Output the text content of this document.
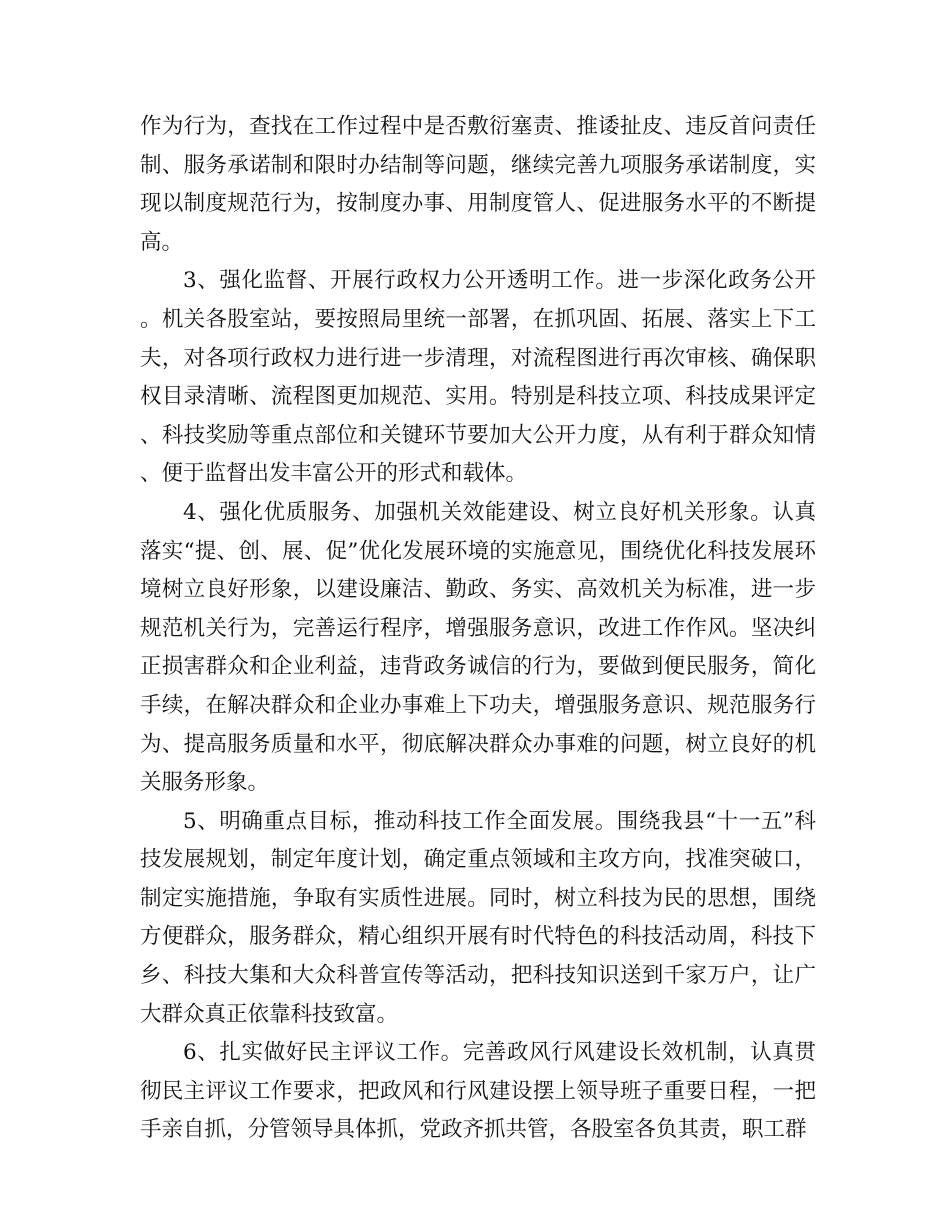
作为行为，查找在工作过程中是否敷衍塞责、推诿扯皮、违反首问责任制、服务承诺制和限时办结制等问题，继续完善九项服务承诺制度，实现以制度规范行为，按制度办事、用制度管人、促进服务水平的不断提高。

3、强化监督、开展行政权力公开透明工作。进一步深化政务公开。机关各股室站，要按照局里统一部署，在抓巩固、拓展、落实上下工夫，对各项行政权力进行进一步清理，对流程图进行再次审核、确保职权目录清晰、流程图更加规范、实用。特别是科技立项、科技成果评定、科技奖励等重点部位和关键环节要加大公开力度，从有利于群众知情、便于监督出发丰富公开的形式和载体。

4、强化优质服务、加强机关效能建设、树立良好机关形象。认真落实“提、创、展、促”优化发展环境的实施意见，围绕优化科技发展环境树立良好形象，以建设廉洁、勤政、务实、高效机关为标准，进一步规范机关行为，完善运行程序，增强服务意识，改进工作作风。坚决纠正损害群众和企业利益，违背政务诚信的行为，要做到便民服务，简化手续，在解决群众和企业办事难上下功夫，增强服务意识、规范服务行为、提高服务质量和水平，彻底解决群众办事难的问题，树立良好的机关服务形象。

5、明确重点目标，推动科技工作全面发展。围绕我县“十一五”科技发展规划，制定年度计划，确定重点领域和主攻方向，找准突破口，制定实施措施，争取有实质性进展。同时，树立科技为民的思想，围绕方便群众，服务群众，精心组织开展有时代特色的科技活动周，科技下乡、科技大集和大众科普宣传等活动，把科技知识送到千家万户，让广大群众真正依靠科技致富。

6、扎实做好民主评议工作。完善政风行风建设长效机制，认真贯彻民主评议工作要求，把政风和行风建设摆上领导班子重要日程，一把手亲自抓，分管领导具体抓，党政齐抓共管，各股室各负其责，职工群
